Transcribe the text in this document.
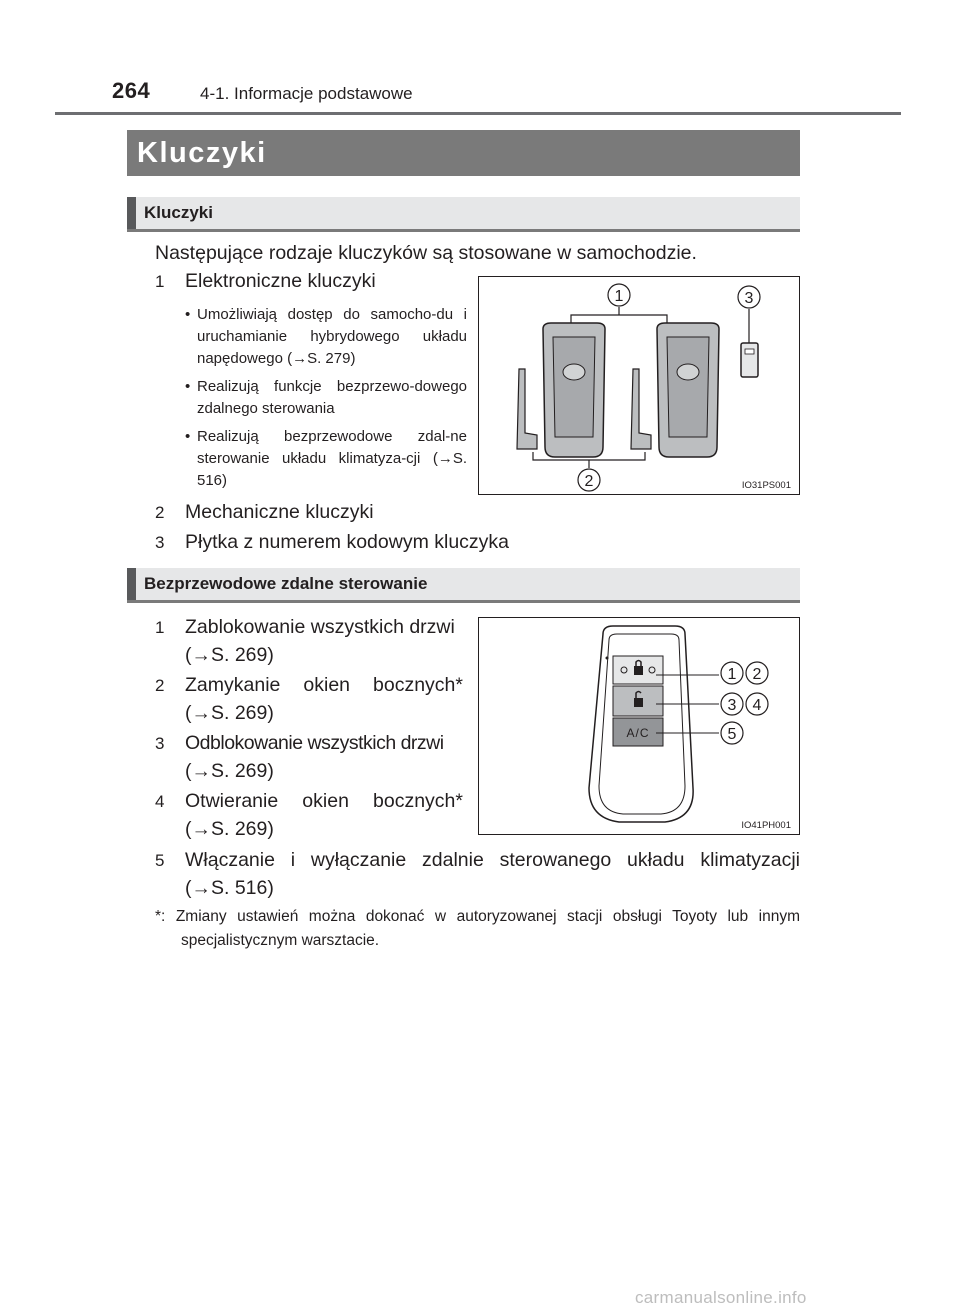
264	4-1. Informacje podstawowe
Kluczyki
Kluczyki
Następujące rodzaje kluczyków są stosowane w samochodzie.
1 Elektroniczne kluczyki
• Umożliwiają dostęp do samocho-du i uruchamianie hybrydowego układu napędowego (→S. 279)
• Realizują funkcje bezprzewo-dowego zdalnego sterowania
• Realizują bezprzewodowe zdal-ne sterowanie układu klimatyza-cji (→S. 516)
1
2
3
IO31PS001
2 Mechaniczne kluczyki
3 Płytka z numerem kodowym kluczyka
Bezprzewodowe zdalne sterowanie
1 Zablokowanie wszystkich drzwi
(→S. 269)
2 Zamykanie okien bocznych*
(→S. 269)
3 Odblokowanie wszystkich drzwi
(→S. 269)
4 Otwieranie okien bocznych*
(→S. 269)
A/C
1 2
3 4
5
IO41PH001
5 Włączanie i wyłączanie zdalnie sterowanego układu klimatyzacji
(→S. 516)
*: Zmiany ustawień można dokonać w autoryzowanej stacji obsługi Toyoty lub innym specjalistycznym warsztacie.
carmanualsonline.info
